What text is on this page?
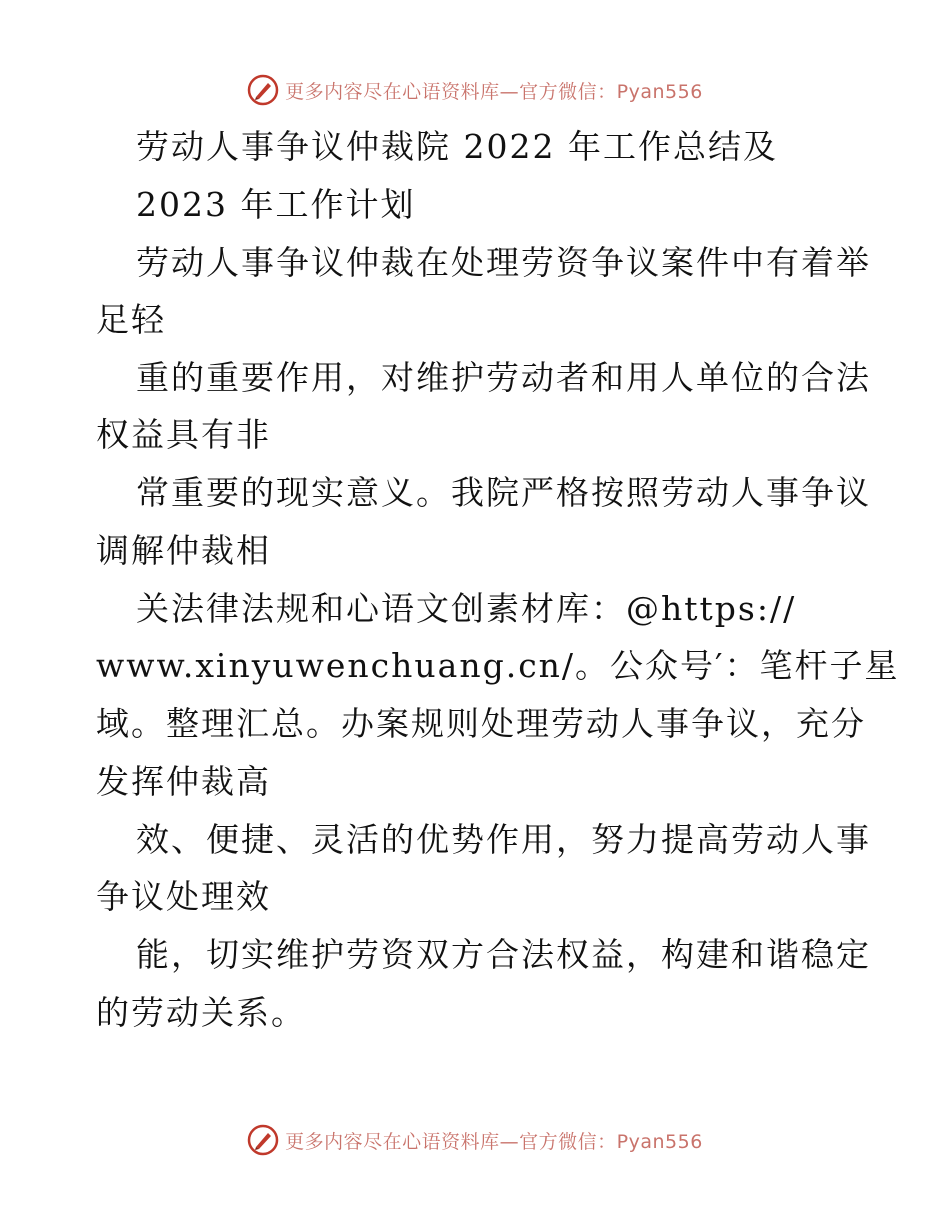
更多内容尽在心语资料库—官方微信：Pyan556
劳动人事争议仲裁院 2022 年工作总结及
2023 年工作计划
劳动人事争议仲裁在处理劳资争议案件中有着举
足轻
重的重要作用，对维护劳动者和用人单位的合法
权益具有非
常重要的现实意义。我院严格按照劳动人事争议
调解仲裁相
关法律法规和心语文创素材库：@https://
www.xinyuwenchuang.cn/。公众号′：笔杆子星
域。整理汇总。办案规则处理劳动人事争议，充分
发挥仲裁高
效、便捷、灵活的优势作用，努力提高劳动人事
争议处理效
能，切实维护劳资双方合法权益，构建和谐稳定
的劳动关系。
更多内容尽在心语资料库—官方微信：Pyan556
